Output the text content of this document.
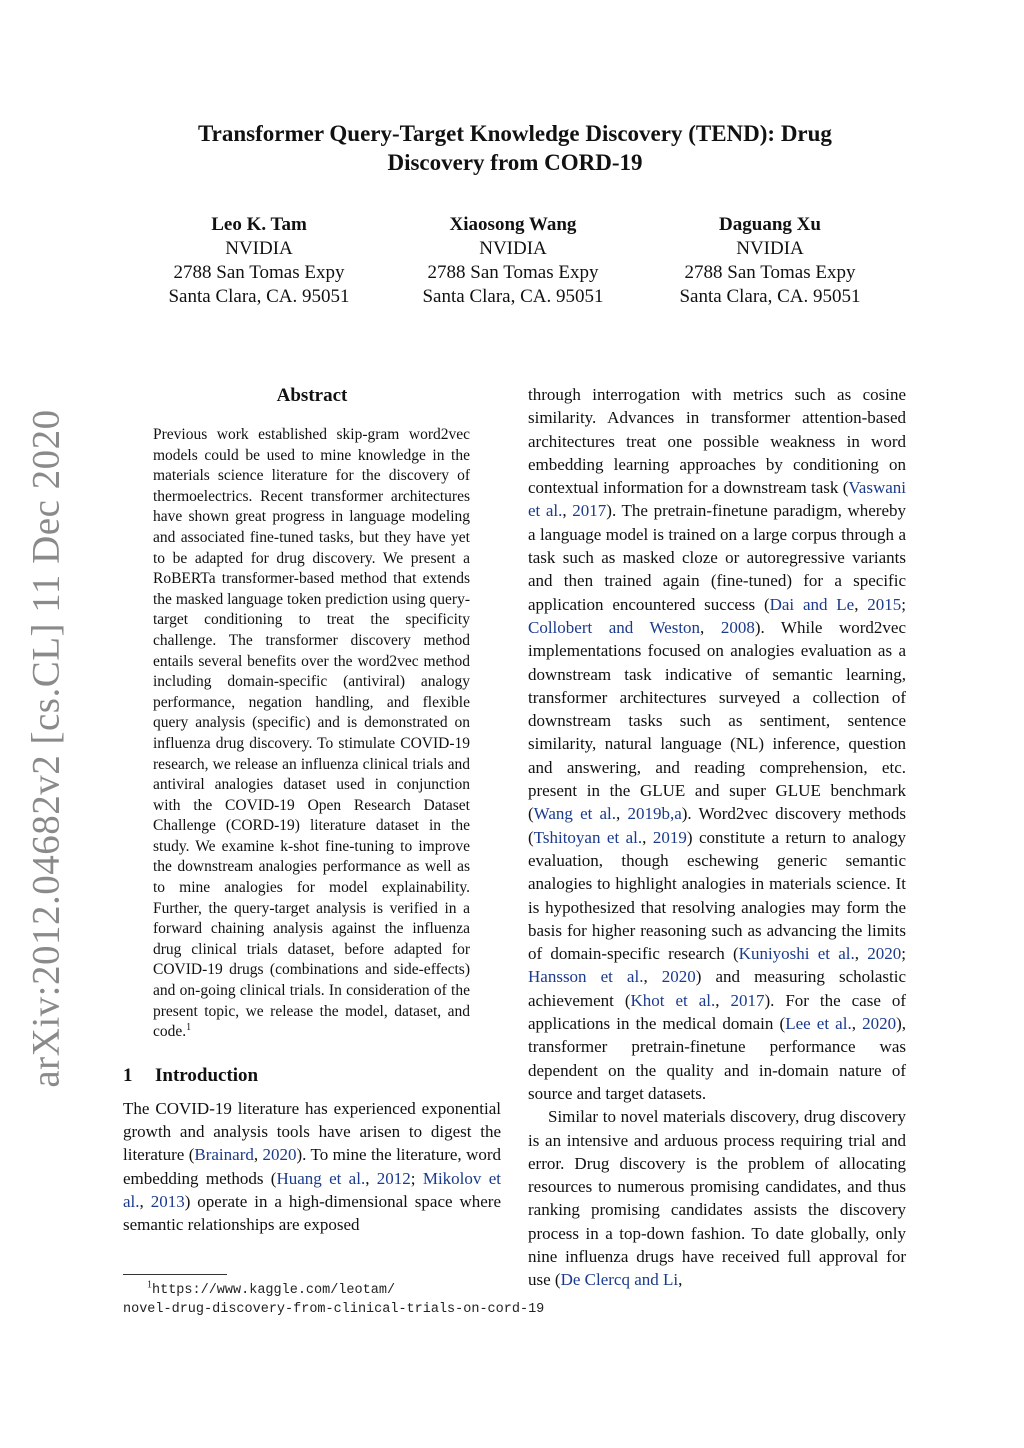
arXiv:2012.04682v2 [cs.CL] 11 Dec 2020
Transformer Query-Target Knowledge Discovery (TEND): Drug
Discovery from CORD-19
Leo K. Tam
NVIDIA
2788 San Tomas Expy
Santa Clara, CA. 95051
Xiaosong Wang
NVIDIA
2788 San Tomas Expy
Santa Clara, CA. 95051
Daguang Xu
NVIDIA
2788 San Tomas Expy
Santa Clara, CA. 95051
Abstract

Previous work established skip-gram word2vec models could be used to mine knowledge in the materials science literature for the discovery of thermoelectrics. Recent transformer architectures have shown great progress in language modeling and associated fine-tuned tasks, but they have yet to be adapted for drug discovery. We present a RoBERTa transformer-based method that extends the masked language token prediction using query-target conditioning to treat the specificity challenge. The transformer discovery method entails several benefits over the word2vec method including domain-specific (antiviral) analogy performance, negation handling, and flexible query analysis (specific) and is demonstrated on influenza drug discovery. To stimulate COVID-19 research, we release an influenza clinical trials and antiviral analogies dataset used in conjunction with the COVID-19 Open Research Dataset Challenge (CORD-19) literature dataset in the study. We examine k-shot fine-tuning to improve the downstream analogies performance as well as to mine analogies for model explainability. Further, the query-target analysis is verified in a forward chaining analysis against the influenza drug clinical trials dataset, before adapted for COVID-19 drugs (combinations and side-effects) and on-going clinical trials. In consideration of the present topic, we release the model, dataset, and code.$^1$

1 Introduction

The COVID-19 literature has experienced exponential growth and analysis tools have arisen to digest the literature (Brainard, 2020). To mine the literature, word embedding methods (Huang et al., 2012; Mikolov et al., 2013) operate in a high-dimensional space where semantic relationships are exposed

through interrogation with metrics such as cosine similarity. Advances in transformer attention-based architectures treat one possible weakness in word embedding learning approaches by conditioning on contextual information for a downstream task (Vaswani et al., 2017). The pretrain-finetune paradigm, whereby a language model is trained on a large corpus through a task such as masked cloze or autoregressive variants and then trained again (fine-tuned) for a specific application encountered success (Dai and Le, 2015; Collobert and Weston, 2008). While word2vec implementations focused on analogies evaluation as a downstream task indicative of semantic learning, transformer architectures surveyed a collection of downstream tasks such as sentiment, sentence similarity, natural language (NL) inference, question and answering, and reading comprehension, etc. present in the GLUE and super GLUE benchmark (Wang et al., 2019b,a). Word2vec discovery methods (Tshitoyan et al., 2019) constitute a return to analogy evaluation, though eschewing generic semantic analogies to highlight analogies in materials science. It is hypothesized that resolving analogies may form the basis for higher reasoning such as advancing the limits of domain-specific research (Kuniyoshi et al., 2020; Hansson et al., 2020) and measuring scholastic achievement (Khot et al., 2017). For the case of applications in the medical domain (Lee et al., 2020), transformer pretrain-finetune performance was dependent on the quality and in-domain nature of source and target datasets.

Similar to novel materials discovery, drug discovery is an intensive and arduous process requiring trial and error. Drug discovery is the problem of allocating resources to numerous promising candidates, and thus ranking promising candidates assists the discovery process in a top-down fashion. To date globally, only nine influenza drugs have received full approval for use (De Clercq and Li,

$^1$https://www.kaggle.com/leotam/
novel-drug-discovery-from-clinical-trials-on-cord-19
